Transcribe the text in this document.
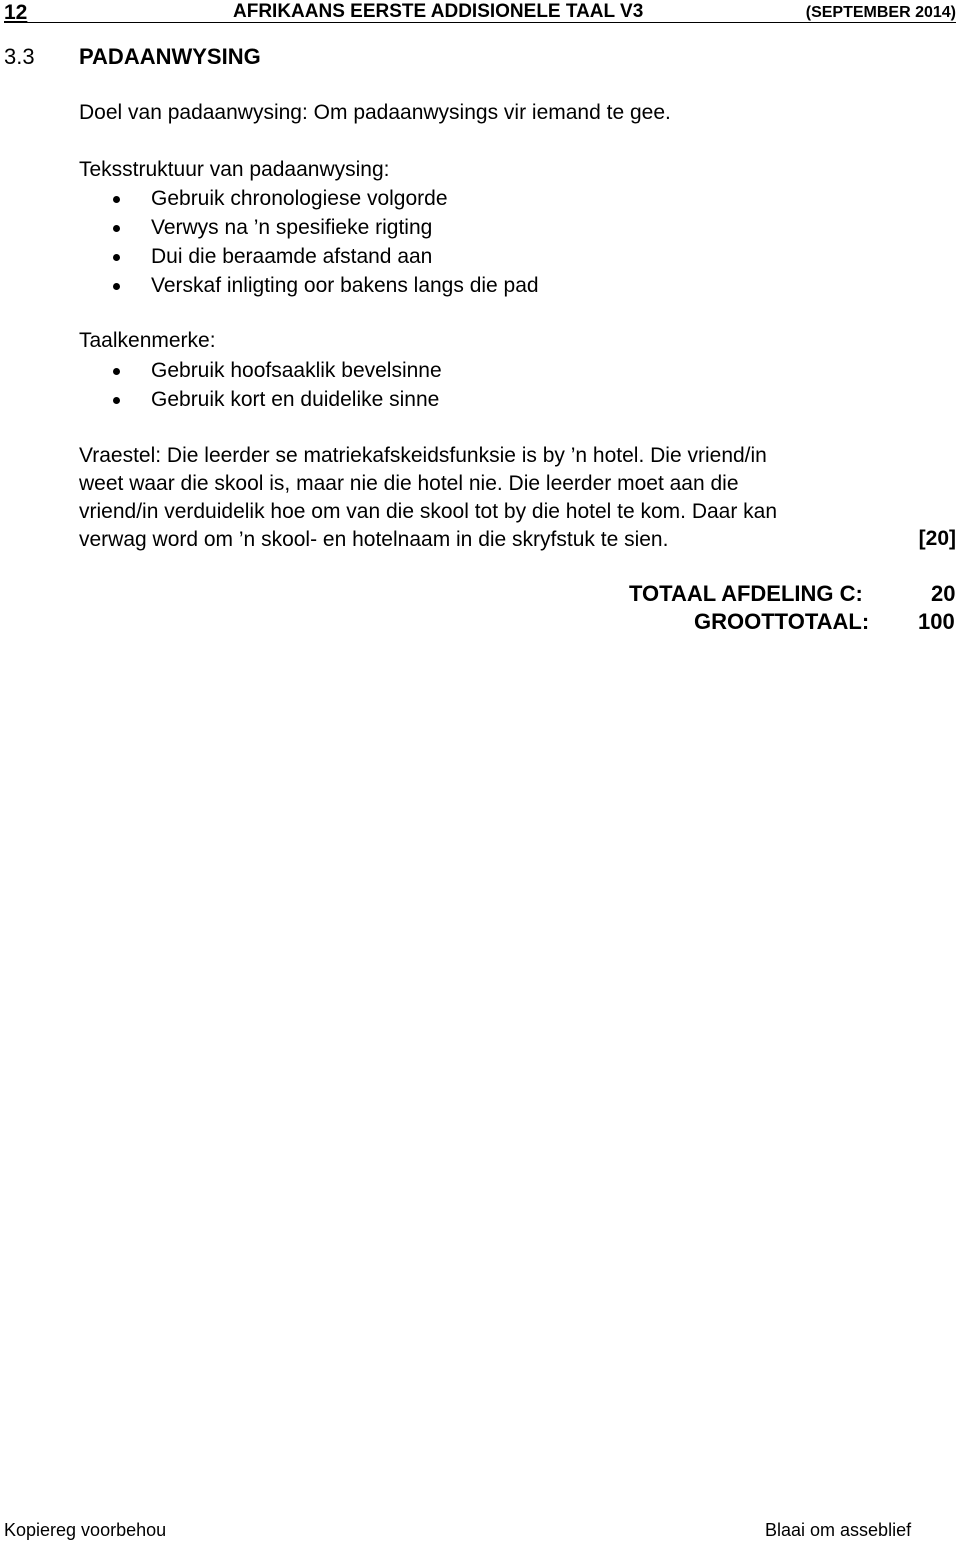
12	AFRIKAANS EERSTE ADDISIONELE TAAL V3	(SEPTEMBER 2014)
3.3 PADAANWYSING
Doel van padaanwysing: Om padaanwysings vir iemand te gee.
Teksstruktuur van padaanwysing:
Gebruik chronologiese volgorde
Verwys na ’n spesifieke rigting
Dui die beraamde afstand aan
Verskaf inligting oor bakens langs die pad
Taalkenmerke:
Gebruik hoofsaaklik bevelsinne
Gebruik kort en duidelike sinne
Vraestel: Die leerder se matriekafskeidsfunksie is by ’n hotel. Die vriend/in
weet waar die skool is, maar nie die hotel nie. Die leerder moet aan die
vriend/in verduidelik hoe om van die skool tot by die hotel te kom. Daar kan
verwag word om ’n skool- en hotelnaam in die skryfstuk te sien.	[20]
TOTAAL AFDELING C:	20
GROOTTOTAAL: 100
Kopiereg voorbehou	Blaai om asseblief
